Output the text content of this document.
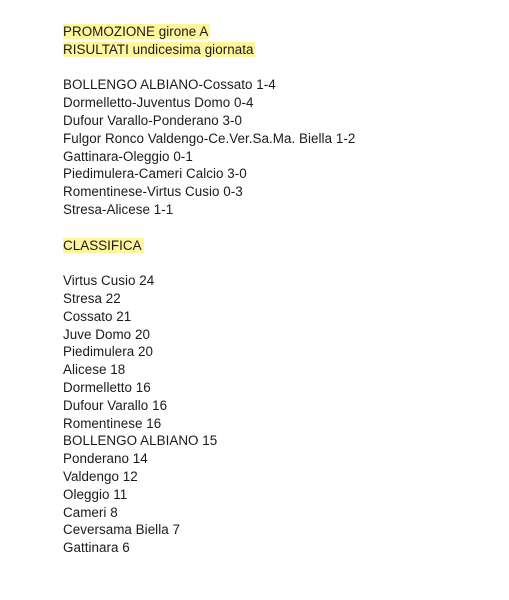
PROMOZIONE girone A
RISULTATI undicesima giornata
BOLLENGO ALBIANO-Cossato 1-4
Dormelletto-Juventus Domo 0-4
Dufour Varallo-Ponderano 3-0
Fulgor Ronco Valdengo-Ce.Ver.Sa.Ma. Biella 1-2
Gattinara-Oleggio 0-1
Piedimulera-Cameri Calcio 3-0
Romentinese-Virtus Cusio 0-3
Stresa-Alicese 1-1
CLASSIFICA
Virtus Cusio 24
Stresa 22
Cossato 21
Juve Domo 20
Piedimulera 20
Alicese 18
Dormelletto 16
Dufour Varallo 16
Romentinese 16
BOLLENGO ALBIANO 15
Ponderano 14
Valdengo 12
Oleggio 11
Cameri 8
Ceversama Biella 7
Gattinara 6
